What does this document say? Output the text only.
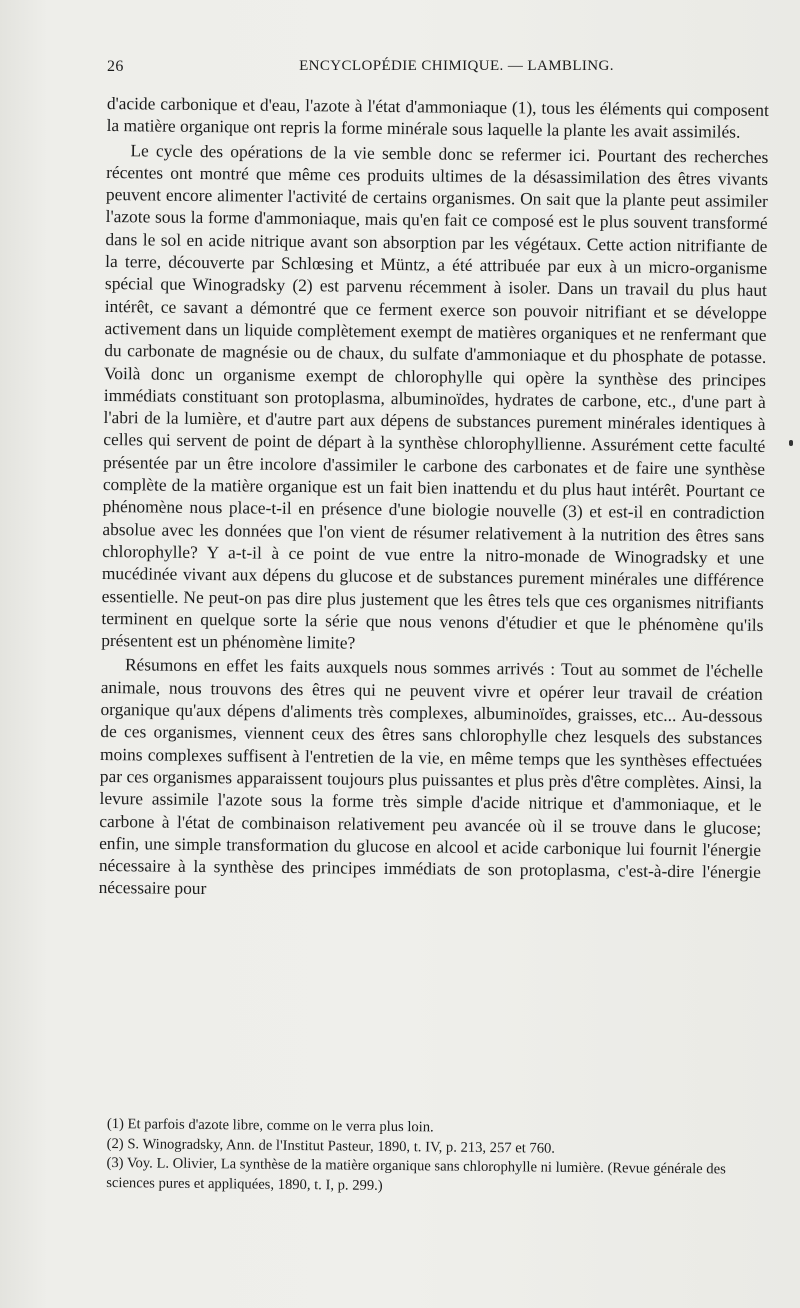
26	ENCYCLOPÉDIE CHIMIQUE. — LAMBLING.

d'acide carbonique et d'eau, l'azote à l'état d'ammoniaque (1), tous les éléments qui composent la matière organique ont repris la forme minérale sous laquelle la plante les avait assimilés.

Le cycle des opérations de la vie semble donc se refermer ici. Pourtant des recherches récentes ont montré que même ces produits ultimes de la désassimilation des êtres vivants peuvent encore alimenter l'activité de certains organismes. On sait que la plante peut assimiler l'azote sous la forme d'ammoniaque, mais qu'en fait ce composé est le plus souvent transformé dans le sol en acide nitrique avant son absorption par les végétaux. Cette action nitrifiante de la terre, découverte par Schlœsing et Müntz, a été attribuée par eux à un micro-organisme spécial que Winogradsky (2) est parvenu récemment à isoler. Dans un travail du plus haut intérêt, ce savant a démontré que ce ferment exerce son pouvoir nitrifiant et se développe activement dans un liquide complètement exempt de matières organiques et ne renfermant que du carbonate de magnésie ou de chaux, du sulfate d'ammoniaque et du phosphate de potasse. Voilà donc un organisme exempt de chlorophylle qui opère la synthèse des principes immédiats constituant son protoplasma, albuminoïdes, hydrates de carbone, etc., d'une part à l'abri de la lumière, et d'autre part aux dépens de substances purement minérales identiques à celles qui servent de point de départ à la synthèse chlorophyllienne. Assurément cette faculté présentée par un être incolore d'assimiler le carbone des carbonates et de faire une synthèse complète de la matière organique est un fait bien inattendu et du plus haut intérêt. Pourtant ce phénomène nous place-t-il en présence d'une biologie nouvelle (3) et est-il en contradiction absolue avec les données que l'on vient de résumer relativement à la nutrition des êtres sans chlorophylle? Y a-t-il à ce point de vue entre la nitro-monade de Winogradsky et une mucédinée vivant aux dépens du glucose et de substances purement minérales une différence essentielle. Ne peut-on pas dire plus justement que les êtres tels que ces organismes nitrifiants terminent en quelque sorte la série que nous venons d'étudier et que le phénomène qu'ils présentent est un phénomène limite?

Résumons en effet les faits auxquels nous sommes arrivés : Tout au sommet de l'échelle animale, nous trouvons des êtres qui ne peuvent vivre et opérer leur travail de création organique qu'aux dépens d'aliments très complexes, albuminoïdes, graisses, etc... Au-dessous de ces organismes, viennent ceux des êtres sans chlorophylle chez lesquels des substances moins complexes suffisent à l'entretien de la vie, en même temps que les synthèses effectuées par ces organismes apparaissent toujours plus puissantes et plus près d'être complètes. Ainsi, la levure assimile l'azote sous la forme très simple d'acide nitrique et d'ammoniaque, et le carbone à l'état de combinaison relativement peu avancée où il se trouve dans le glucose; enfin, une simple transformation du glucose en alcool et acide carbonique lui fournit l'énergie nécessaire à la synthèse des principes immédiats de son protoplasma, c'est-à-dire l'énergie nécessaire pour

(1) Et parfois d'azote libre, comme on le verra plus loin.

(2) S. Winogradsky, Ann. de l'Institut Pasteur, 1890, t. IV, p. 213, 257 et 760.

(3) Voy. L. Olivier, La synthèse de la matière organique sans chlorophylle ni lumière. (Revue générale des sciences pures et appliquées, 1890, t. I, p. 299.)
